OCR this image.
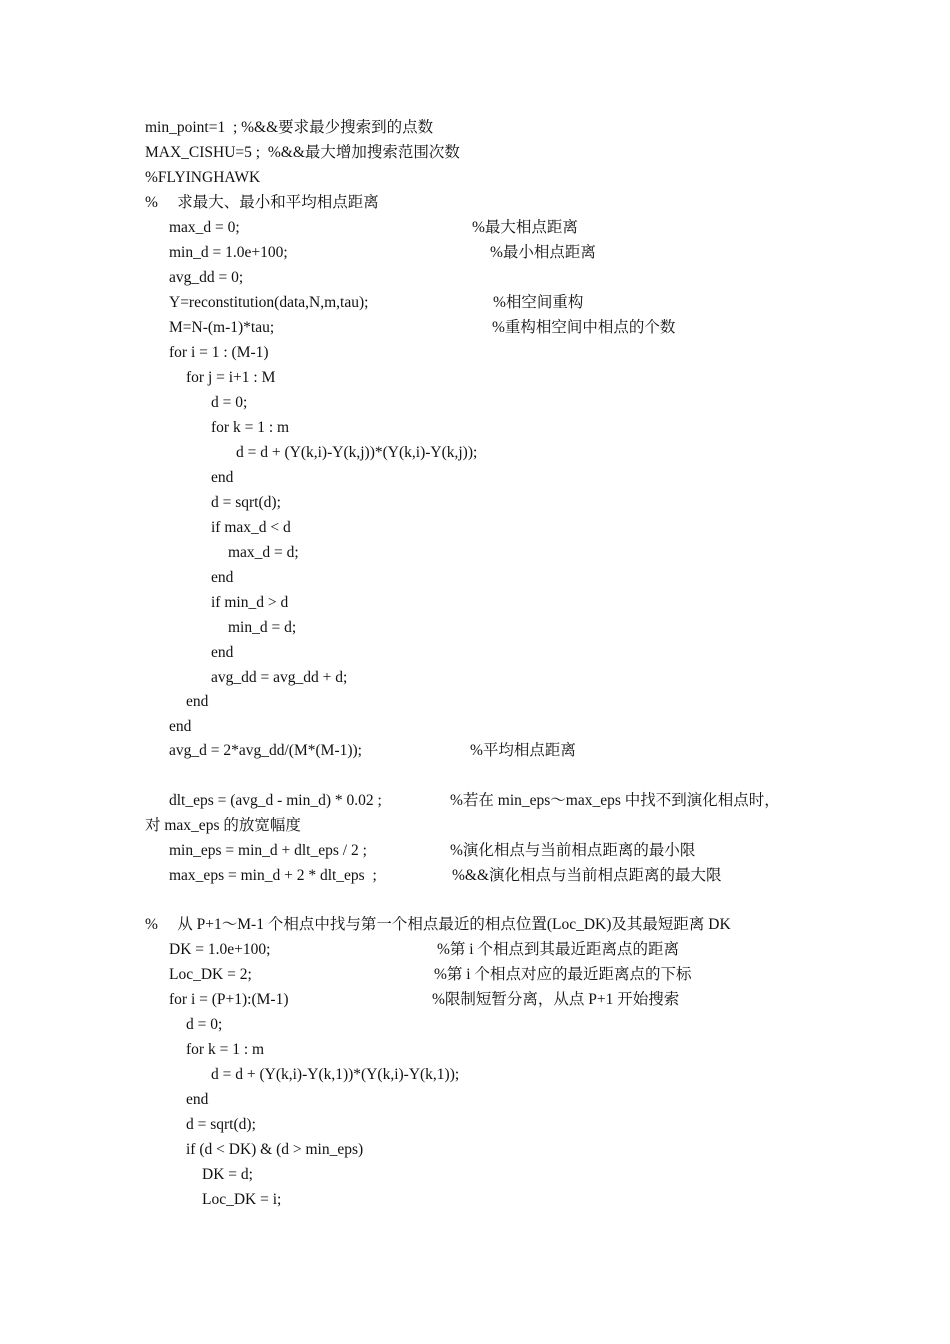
min_point=1  ; %&&要求最少搜索到的点数
MAX_CISHU=5 ;  %&&最大增加搜索范围次数
%FLYINGHAWK
%     求最大、最小和平均相点距离
max_d = 0;	%最大相点距离
min_d = 1.0e+100;	%最小相点距离
avg_dd = 0;
Y=reconstitution(data,N,m,tau);	%相空间重构
M=N-(m-1)*tau;	%重构相空间中相点的个数
for i = 1 : (M-1)
for j = i+1 : M
d = 0;
for k = 1 : m
d = d + (Y(k,i)-Y(k,j))*(Y(k,i)-Y(k,j));
end
d = sqrt(d);
if max_d < d
max_d = d;
end
if min_d > d
min_d = d;
end
avg_dd = avg_dd + d;
end
end
avg_d = 2*avg_dd/(M*(M-1));	%平均相点距离
dlt_eps = (avg_d - min_d) * 0.02 ;	%若在 min_eps～max_eps 中找不到演化相点时，
对 max_eps 的放宽幅度
min_eps = min_d + dlt_eps / 2 ;	%演化相点与当前相点距离的最小限
max_eps = min_d + 2 * dlt_eps  ;	%&&演化相点与当前相点距离的最大限
%     从 P+1～M-1 个相点中找与第一个相点最近的相点位置(Loc_DK)及其最短距离 DK
DK = 1.0e+100;	%第 i 个相点到其最近距离点的距离
Loc_DK = 2;	%第 i 个相点对应的最近距离点的下标
for i = (P+1):(M-1)	%限制短暂分离，从点 P+1 开始搜索
d = 0;
for k = 1 : m
d = d + (Y(k,i)-Y(k,1))*(Y(k,i)-Y(k,1));
end
d = sqrt(d);
if (d < DK) & (d > min_eps)
DK = d;
Loc_DK = i;
